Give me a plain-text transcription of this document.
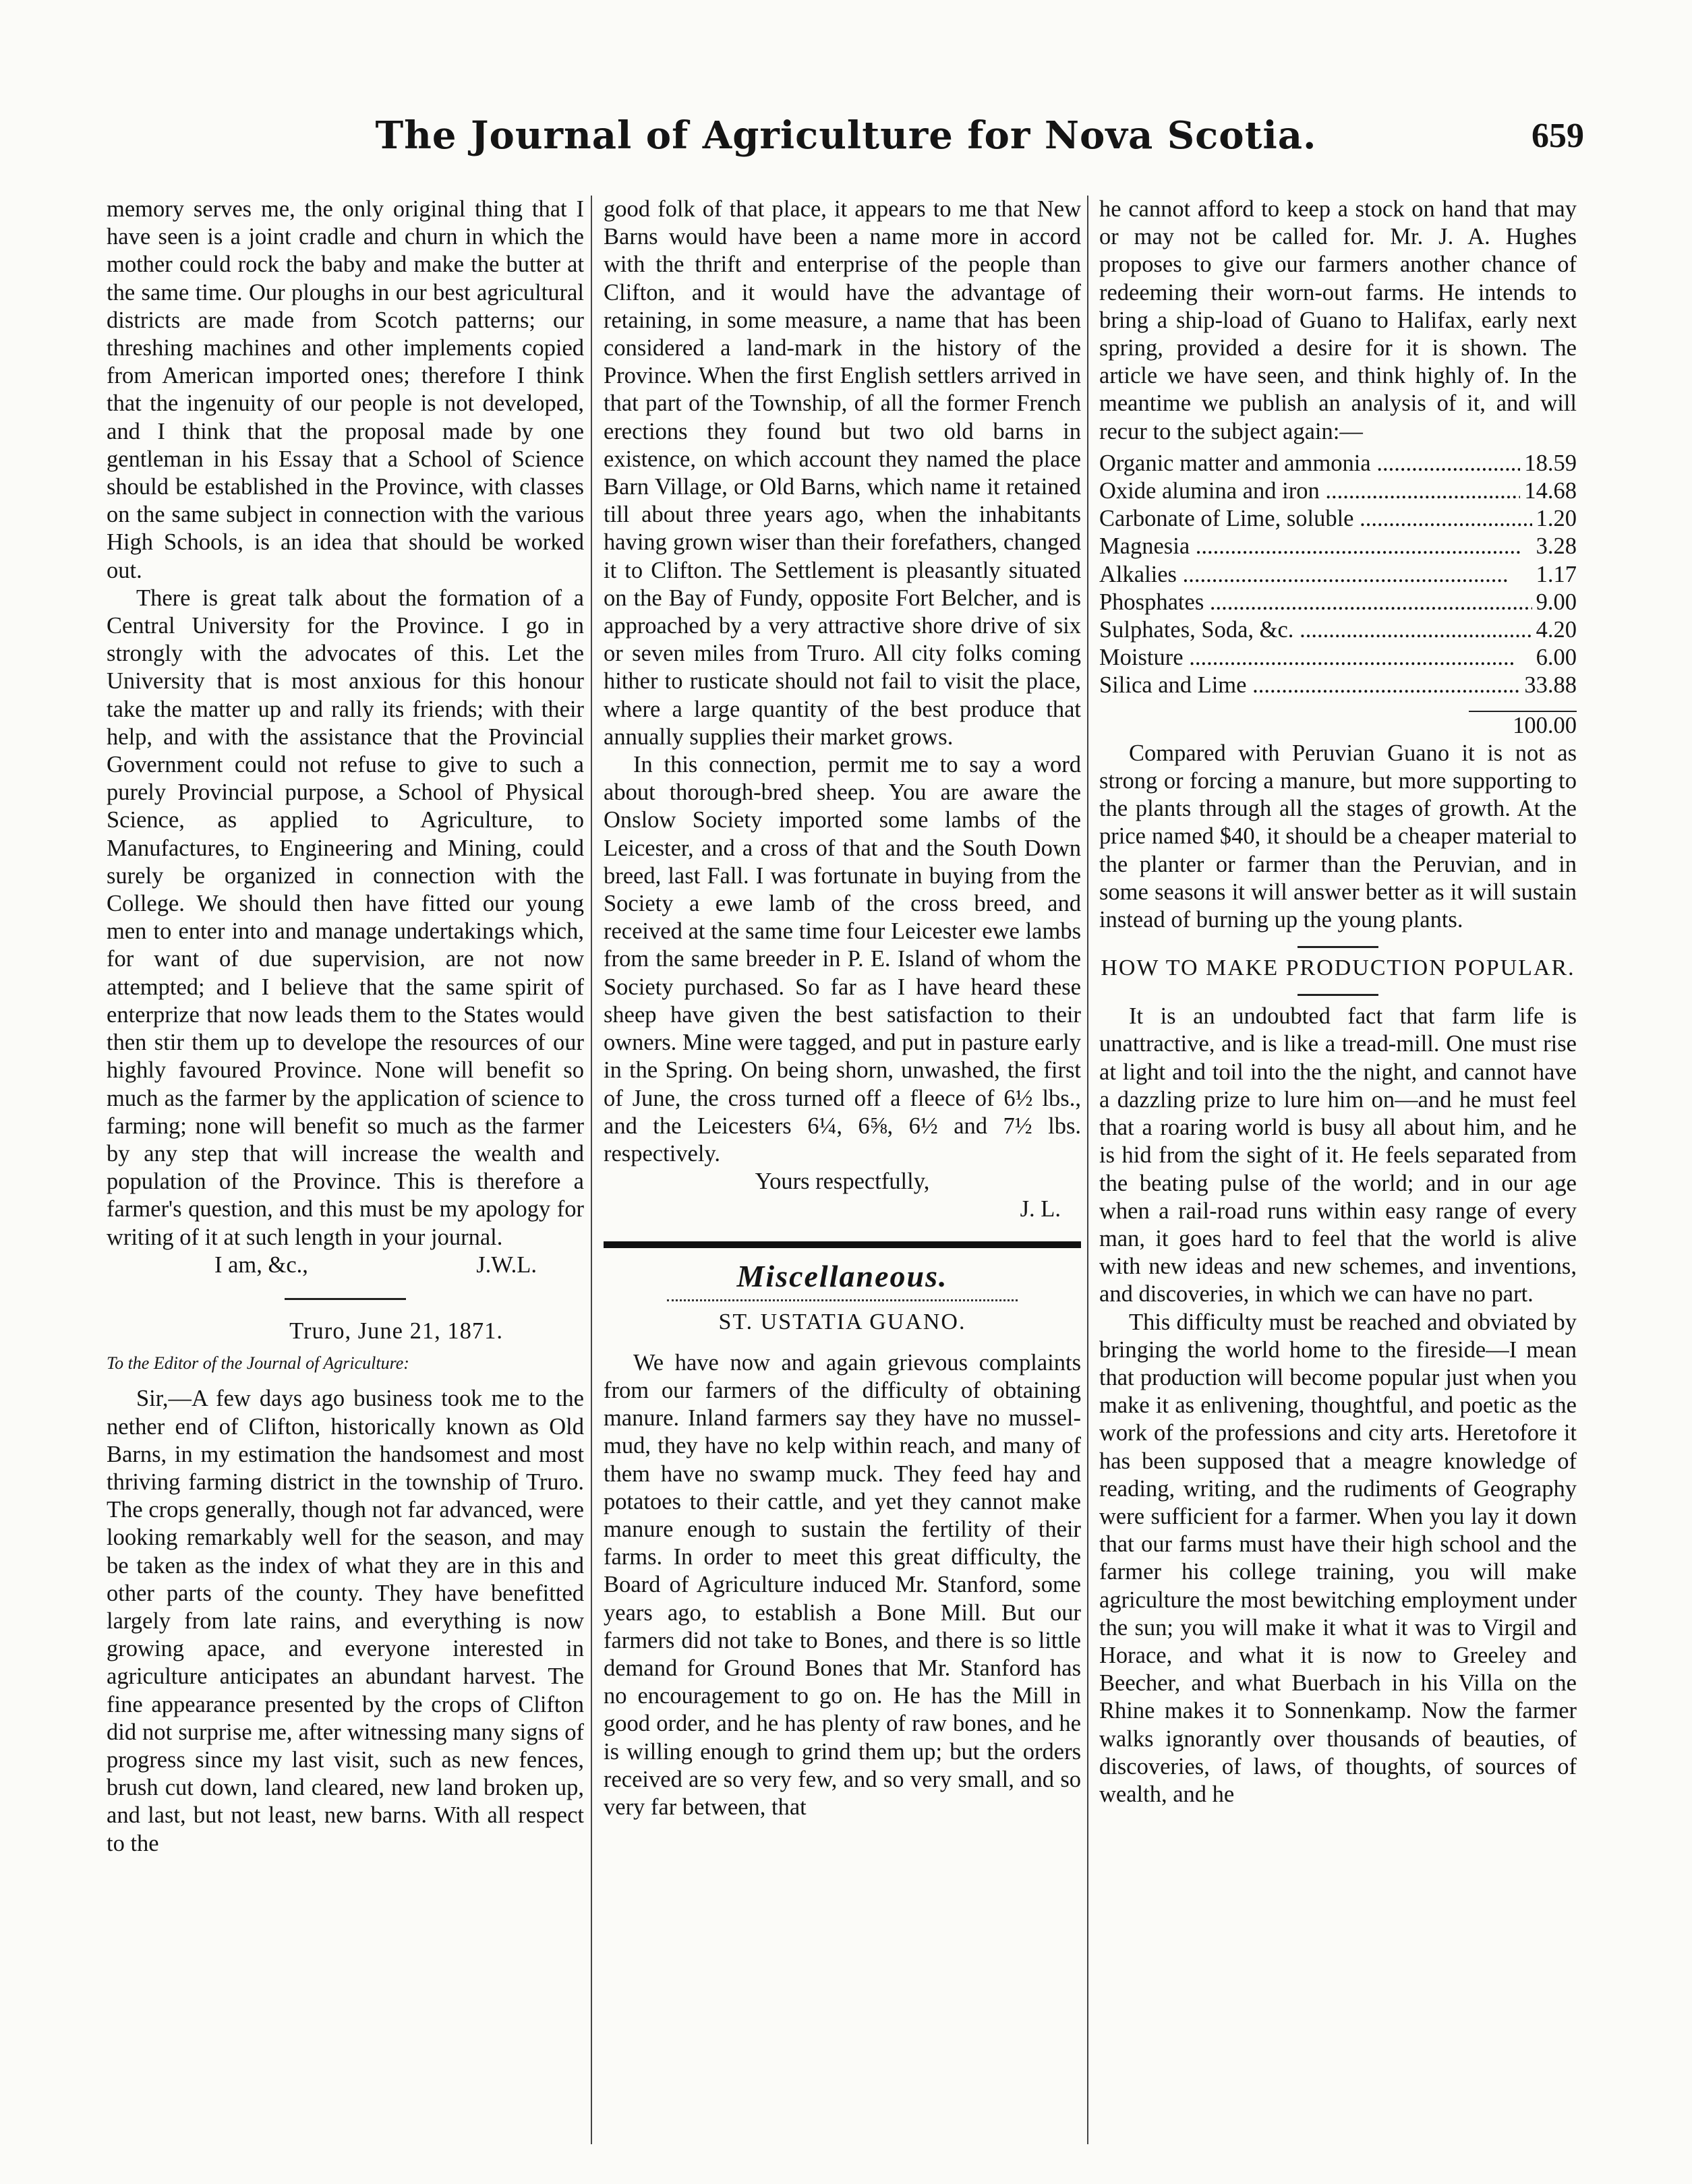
The Journal of Agriculture for Nova Scotia.	659

memory serves me, the only original thing that I have seen is a joint cradle and churn in which the mother could rock the baby and make the butter at the same time. Our ploughs in our best agricultural districts are made from Scotch patterns; our threshing machines and other implements copied from American imported ones; therefore I think that the ingenuity of our people is not developed, and I think that the proposal made by one gentleman in his Essay that a School of Science should be established in the Province, with classes on the same subject in connection with the various High Schools, is an idea that should be worked out.

There is great talk about the formation of a Central University for the Province. I go in strongly with the advocates of this. Let the University that is most anxious for this honour take the matter up and rally its friends; with their help, and with the assistance that the Provincial Government could not refuse to give to such a purely Provincial purpose, a School of Physical Science, as applied to Agriculture, to Manufactures, to Engineering and Mining, could surely be organized in connection with the College. We should then have fitted our young men to enter into and manage undertakings which, for want of due supervision, are not now attempted; and I believe that the same spirit of enterprize that now leads them to the States would then stir them up to develope the resources of our highly favoured Province. None will benefit so much as the farmer by the application of science to farming; none will benefit so much as the farmer by any step that will increase the wealth and population of the Province. This is therefore a farmer's question, and this must be my apology for writing of it at such length in your journal.

I am, &c.,	J.W.L.

Truro, June 21, 1871.

To the Editor of the Journal of Agriculture:

Sir,—A few days ago business took me to the nether end of Clifton, historically known as Old Barns, in my estimation the handsomest and most thriving farming district in the township of Truro. The crops generally, though not far advanced, were looking remarkably well for the season, and may be taken as the index of what they are in this and other parts of the county. They have benefitted largely from late rains, and everything is now growing apace, and everyone interested in agriculture anticipates an abundant harvest. The fine appearance presented by the crops of Clifton did not surprise me, after witnessing many signs of progress since my last visit, such as new fences, brush cut down, land cleared, new land broken up, and last, but not least, new barns. With all respect to the

good folk of that place, it appears to me that New Barns would have been a name more in accord with the thrift and enterprise of the people than Clifton, and it would have the advantage of retaining, in some measure, a name that has been considered a land-mark in the history of the Province. When the first English settlers arrived in that part of the Township, of all the former French erections they found but two old barns in existence, on which account they named the place Barn Village, or Old Barns, which name it retained till about three years ago, when the inhabitants having grown wiser than their forefathers, changed it to Clifton. The Settlement is pleasantly situated on the Bay of Fundy, opposite Fort Belcher, and is approached by a very attractive shore drive of six or seven miles from Truro. All city folks coming hither to rusticate should not fail to visit the place, where a large quantity of the best produce that annually supplies their market grows.

In this connection, permit me to say a word about thorough-bred sheep. You are aware the Onslow Society imported some lambs of the Leicester, and a cross of that and the South Down breed, last Fall. I was fortunate in buying from the Society a ewe lamb of the cross breed, and received at the same time four Leicester ewe lambs from the same breeder in P. E. Island of whom the Society purchased. So far as I have heard these sheep have given the best satisfaction to their owners. Mine were tagged, and put in pasture early in the Spring. On being shorn, unwashed, the first of June, the cross turned off a fleece of 6½ lbs., and the Leicesters 6¼, 6⅝, 6½ and 7½ lbs. respectively.

Yours respectfully,

J. L.

Miscellaneous.
ST. USTATIA GUANO.

We have now and again grievous complaints from our farmers of the difficulty of obtaining manure. Inland farmers say they have no mussel-mud, they have no kelp within reach, and many of them have no swamp muck. They feed hay and potatoes to their cattle, and yet they cannot make manure enough to sustain the fertility of their farms. In order to meet this great difficulty, the Board of Agriculture induced Mr. Stanford, some years ago, to establish a Bone Mill. But our farmers did not take to Bones, and there is so little demand for Ground Bones that Mr. Stanford has no encouragement to go on. He has the Mill in good order, and he has plenty of raw bones, and he is willing enough to grind them up; but the orders received are so very few, and so very small, and so very far between, that

he cannot afford to keep a stock on hand that may or may not be called for. Mr. J. A. Hughes proposes to give our farmers another chance of redeeming their worn-out farms. He intends to bring a ship-load of Guano to Halifax, early next spring, provided a desire for it is shown. The article we have seen, and think highly of. In the meantime we publish an analysis of it, and will recur to the subject again:—

Organic matter and ammonia .....	18.59
Oxide alumina and iron .....	14.68
Carbonate of Lime, soluble .....	1.20
Magnesia .....	3.28
Alkalies .....	1.17
Phosphates .....	9.00
Sulphates, Soda, &c. .....	4.20
Moisture .....	6.00
Silica and Lime .....	33.88
100.00

Compared with Peruvian Guano it is not as strong or forcing a manure, but more supporting to the plants through all the stages of growth. At the price named $40, it should be a cheaper material to the planter or farmer than the Peruvian, and in some seasons it will answer better as it will sustain instead of burning up the young plants.

HOW TO MAKE PRODUCTION POPULAR.

It is an undoubted fact that farm life is unattractive, and is like a tread-mill. One must rise at light and toil into the the night, and cannot have a dazzling prize to lure him on—and he must feel that a roaring world is busy all about him, and he is hid from the sight of it. He feels separated from the beating pulse of the world; and in our age when a rail-road runs within easy range of every man, it goes hard to feel that the world is alive with new ideas and new schemes, and inventions, and discoveries, in which we can have no part.

This difficulty must be reached and obviated by bringing the world home to the fireside—I mean that production will become popular just when you make it as enlivening, thoughtful, and poetic as the work of the professions and city arts. Heretofore it has been supposed that a meagre knowledge of reading, writing, and the rudiments of Geography were sufficient for a farmer. When you lay it down that our farms must have their high school and the farmer his college training, you will make agriculture the most bewitching employment under the sun; you will make it what it was to Virgil and Horace, and what it is now to Greeley and Beecher, and what Buerbach in his Villa on the Rhine makes it to Sonnenkamp. Now the farmer walks ignorantly over thousands of beauties, of discoveries, of laws, of thoughts, of sources of wealth, and he
